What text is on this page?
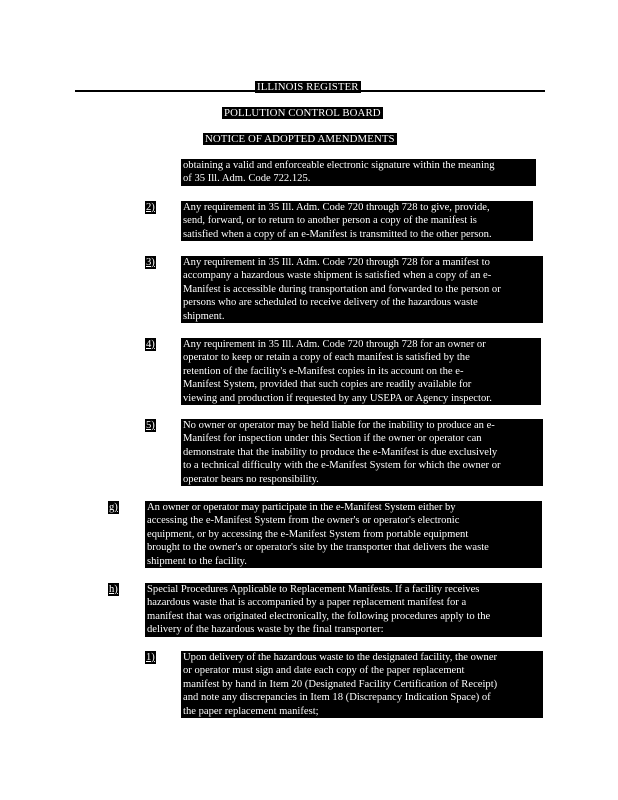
ILLINOIS REGISTER
POLLUTION CONTROL BOARD
NOTICE OF ADOPTED AMENDMENTS
obtaining a valid and enforceable electronic signature within the meaning
of 35 Ill. Adm. Code 722.125.
2)	Any requirement in 35 Ill. Adm. Code 720 through 728 to give, provide,
send, forward, or to return to another person a copy of the manifest is
satisfied when a copy of an e-Manifest is transmitted to the other person.
3)	Any requirement in 35 Ill. Adm. Code 720 through 728 for a manifest to
accompany a hazardous waste shipment is satisfied when a copy of an e-
Manifest is accessible during transportation and forwarded to the person or
persons who are scheduled to receive delivery of the hazardous waste
shipment.
4)	Any requirement in 35 Ill. Adm. Code 720 through 728 for an owner or
operator to keep or retain a copy of each manifest is satisfied by the
retention of the facility's e-Manifest copies in its account on the e-
Manifest System, provided that such copies are readily available for
viewing and production if requested by any USEPA or Agency inspector.
5)	No owner or operator may be held liable for the inability to produce an e-
Manifest for inspection under this Section if the owner or operator can
demonstrate that the inability to produce the e-Manifest is due exclusively
to a technical difficulty with the e-Manifest System for which the owner or
operator bears no responsibility.
g)	An owner or operator may participate in the e-Manifest System either by
accessing the e-Manifest System from the owner's or operator's electronic
equipment, or by accessing the e-Manifest System from portable equipment
brought to the owner's or operator's site by the transporter that delivers the waste
shipment to the facility.
h)	Special Procedures Applicable to Replacement Manifests. If a facility receives
hazardous waste that is accompanied by a paper replacement manifest for a
manifest that was originated electronically, the following procedures apply to the
delivery of the hazardous waste by the final transporter:
1)	Upon delivery of the hazardous waste to the designated facility, the owner
or operator must sign and date each copy of the paper replacement
manifest by hand in Item 20 (Designated Facility Certification of Receipt)
and note any discrepancies in Item 18 (Discrepancy Indication Space) of
the paper replacement manifest;
